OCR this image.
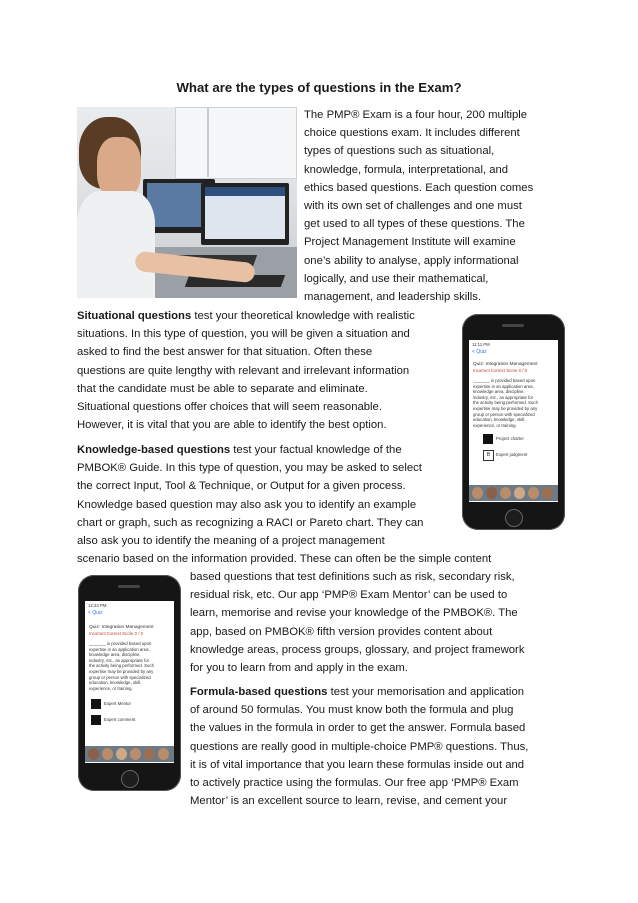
What are the types of questions in the Exam?
The PMP® Exam is a four hour, 200 multiple
choice questions exam. It includes different
types of questions such as situational,
knowledge, formula, interpretational, and
ethics based questions. Each question comes
with its own set of challenges and one must
get used to all types of these questions. The
Project Management Institute will examine
one’s ability to analyse, apply informational
logically, and use their mathematical,
management, and leadership skills.
Situational questions test your theoretical knowledge with realistic
situations. In this type of question, you will be given a situation and
asked to find the best answer for that situation. Often these
questions are quite lengthy with relevant and irrelevant information
that the candidate must be able to separate and eliminate.
Situational questions offer choices that will seem reasonable.
However, it is vital that you are able to identify the best option.
Knowledge-based questions test your factual knowledge of the
PMBOK® Guide. In this type of question, you may be asked to select
the correct Input, Tool & Technique, or Output for a given process.
Knowledge based question may also ask you to identify an example
chart or graph, such as recognizing a RACI or Pareto chart. They can
also ask you to identify the meaning of a project management
scenario based on the information provided. These can often be the simple content
based questions that test definitions such as risk, secondary risk,
residual risk, etc. Our app ‘PMP® Exam Mentor’ can be used to
learn, memorise and revise your knowledge of the PMBOK®. The
app, based on PMBOK® fifth version provides content about
knowledge areas, process groups, glossary, and project framework
for you to learn from and apply in the exam.
Formula-based questions test your memorisation and application
of around 50 formulas. You must know both the formula and plug
the values in the formula in order to get the answer. Formula based
questions are really good in multiple-choice PMP® questions. Thus,
it is of vital importance that you learn these formulas inside out and
to actively practice using the formulas. Our free app ‘PMP® Exam
Mentor’ is an excellent source to learn, revise, and cement your
11:11 PM
< Quiz
Quiz: Integration Management
Incorrect Correct Score 0 / 0
_______ is provided based upon
expertise in an application area,
knowledge area, discipline,
industry, etc., as appropriate for
the activity being performed. Such
expertise may be provided by any
group or person with specialized
education, knowledge, skill,
experience, or training.
Project charter
B	Expert judgment
12:23 PM
< Quiz
Quiz: Integration Management
Incorrect Correct Score 0 / 0
_______ is provided based upon
expertise in an application area,
knowledge area, discipline,
industry, etc., as appropriate for
the activity being performed. Such
expertise may be provided by any
group or person with specialized
education, knowledge, skill,
experience, or training.
Expert Mentor
Expert comment
